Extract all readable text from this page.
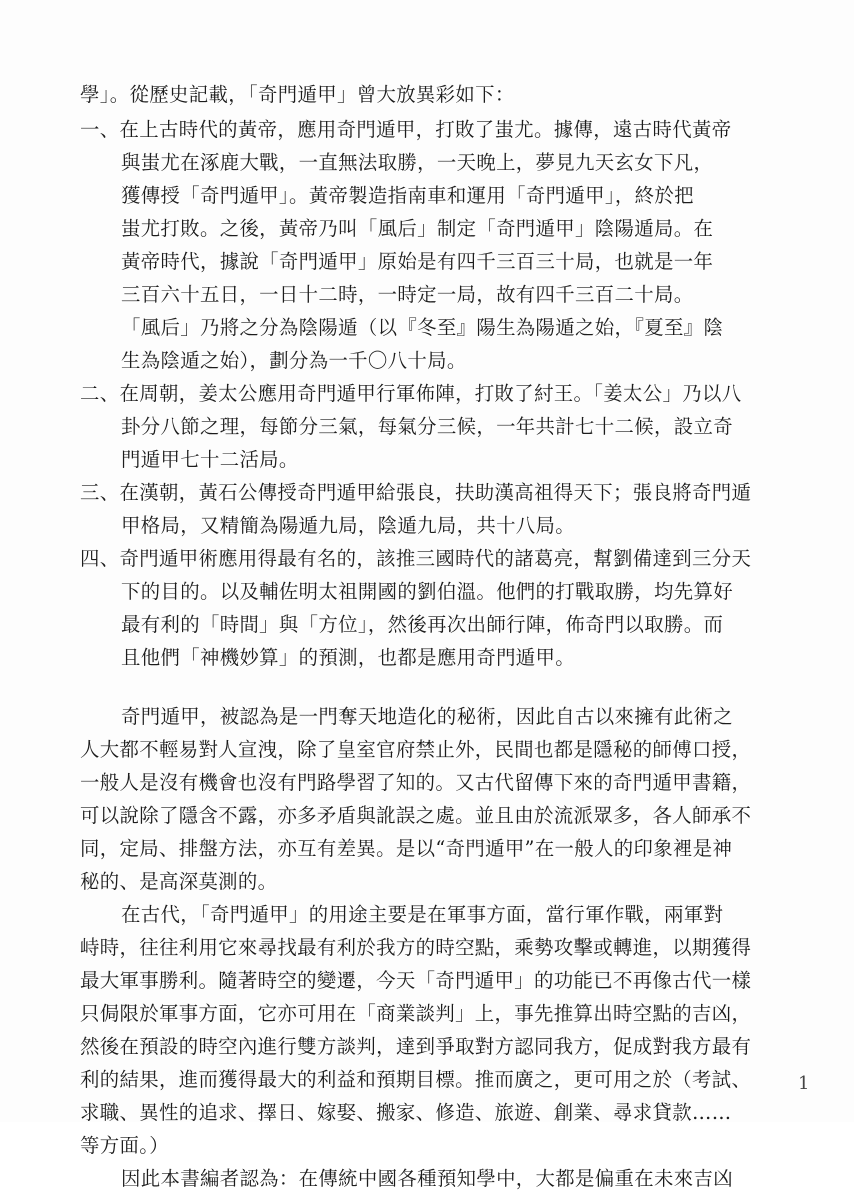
學」。從歷史記載，「奇門遁甲」曾大放異彩如下：
一、在上古時代的黃帝，應用奇門遁甲，打敗了蚩尤。據傳，遠古時代黃帝
與蚩尤在涿鹿大戰，一直無法取勝，一天晚上，夢見九天玄女下凡，
獲傳授「奇門遁甲」。黃帝製造指南車和運用「奇門遁甲」，終於把
蚩尤打敗。之後，黃帝乃叫「風后」制定「奇門遁甲」陰陽遁局。在
黃帝時代，據說「奇門遁甲」原始是有四千三百三十局，也就是一年
三百六十五日，一日十二時，一時定一局，故有四千三百二十局。
「風后」乃將之分為陰陽遁（以『冬至』陽生為陽遁之始，『夏至』陰
生為陰遁之始），劃分為一千〇八十局。
二、在周朝，姜太公應用奇門遁甲行軍佈陣，打敗了紂王。「姜太公」乃以八
卦分八節之理，每節分三氣，每氣分三候，一年共計七十二候，設立奇
門遁甲七十二活局。
三、在漢朝，黃石公傳授奇門遁甲給張良，扶助漢高祖得天下；張良將奇門遁
甲格局，又精簡為陽遁九局，陰遁九局，共十八局。
四、奇門遁甲術應用得最有名的，該推三國時代的諸葛亮，幫劉備達到三分天
下的目的。以及輔佐明太祖開國的劉伯溫。他們的打戰取勝，均先算好
最有利的「時間」與「方位」，然後再次出師行陣，佈奇門以取勝。而
且他們「神機妙算」的預測，也都是應用奇門遁甲。
奇門遁甲，被認為是一門奪天地造化的秘術，因此自古以來擁有此術之
人大都不輕易對人宣洩，除了皇室官府禁止外，民間也都是隱秘的師傅口授，
一般人是沒有機會也沒有門路學習了知的。又古代留傳下來的奇門遁甲書籍，
可以說除了隱含不露，亦多矛盾與訛誤之處。並且由於流派眾多，各人師承不
同，定局、排盤方法，亦互有差異。是以“奇門遁甲”在一般人的印象裡是神
秘的、是高深莫測的。
在古代，「奇門遁甲」的用途主要是在軍事方面，當行軍作戰，兩軍對
峙時，往往利用它來尋找最有利於我方的時空點，乘勢攻擊或轉進，以期獲得
最大軍事勝利。隨著時空的變遷，今天「奇門遁甲」的功能已不再像古代一樣
只侷限於軍事方面，它亦可用在「商業談判」上，事先推算出時空點的吉凶，
然後在預設的時空內進行雙方談判，達到爭取對方認同我方，促成對我方最有
利的結果，進而獲得最大的利益和預期目標。推而廣之，更可用之於（考試、
求職、異性的追求、擇日、嫁娶、搬家、修造、旅遊、創業、尋求貸款……
等方面。）
因此本書編者認為：在傳統中國各種預知學中，大都是偏重在未來吉凶
1
